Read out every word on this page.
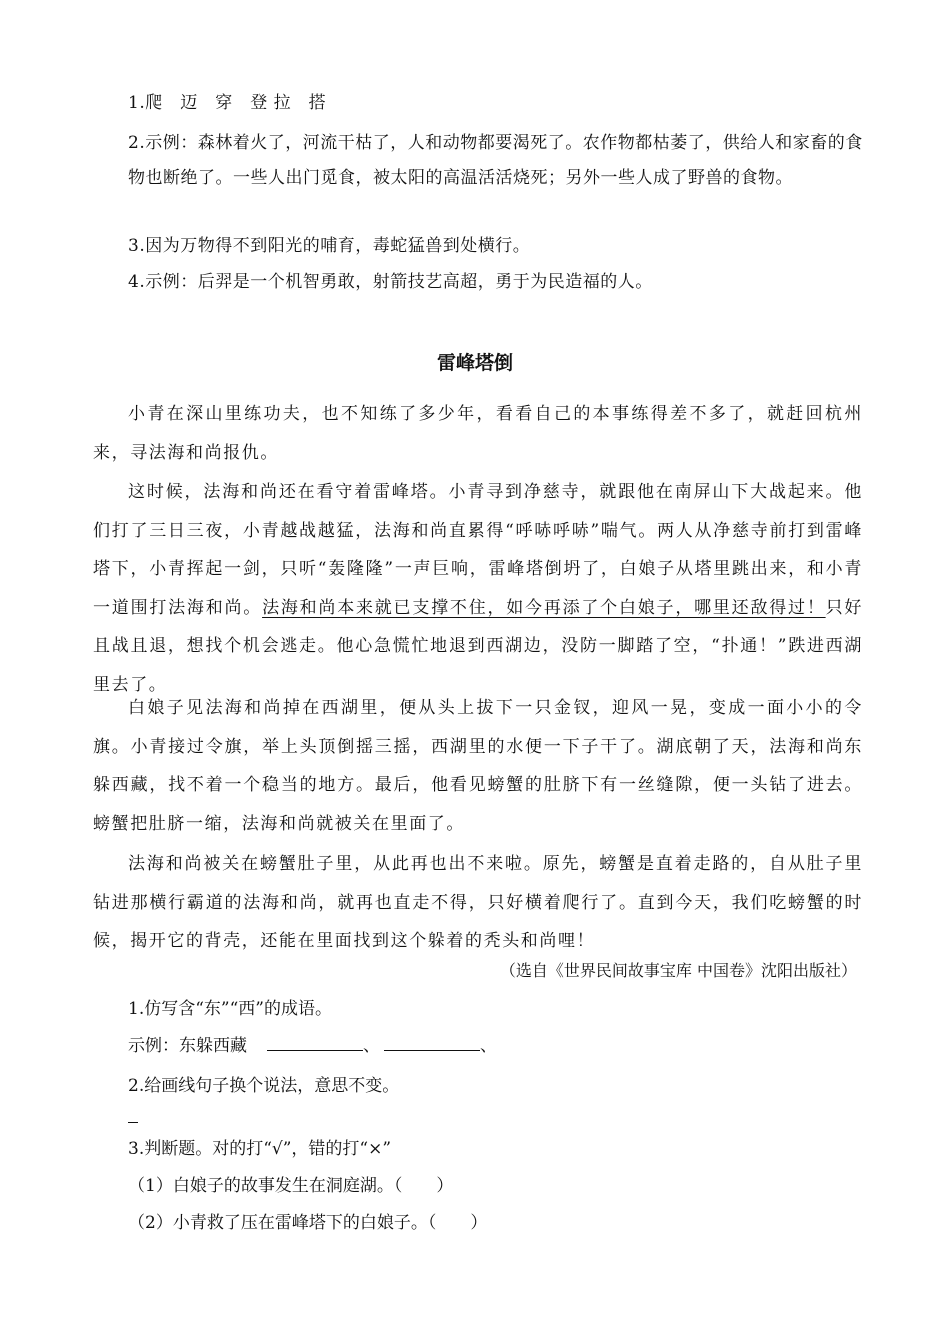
1.爬　迈　穿　登 拉　搭

2.示例：森林着火了，河流干枯了，人和动物都要渴死了。农作物都枯萎了，供给人和家畜的食物也断绝了。一些人出门觅食，被太阳的高温活活烧死；另外一些人成了野兽的食物。

3.因为万物得不到阳光的哺育，毒蛇猛兽到处横行。

4.示例：后羿是一个机智勇敢，射箭技艺高超，勇于为民造福的人。

雷峰塔倒

小青在深山里练功夫，也不知练了多少年，看看自己的本事练得差不多了，就赶回杭州来，寻法海和尚报仇。

这时候，法海和尚还在看守着雷峰塔。小青寻到净慈寺，就跟他在南屏山下大战起来。他们打了三日三夜，小青越战越猛，法海和尚直累得“呼哧呼哧”喘气。两人从净慈寺前打到雷峰塔下，小青挥起一剑，只听“轰隆隆”一声巨响，雷峰塔倒坍了，白娘子从塔里跳出来，和小青一道围打法海和尚。法海和尚本来就已支撑不住，如今再添了个白娘子，哪里还敌得过！只好且战且退，想找个机会逃走。他心急慌忙地退到西湖边，没防一脚踏了空，“扑通！”跌进西湖里去了。

白娘子见法海和尚掉在西湖里，便从头上拔下一只金钗，迎风一晃，变成一面小小的令旗。小青接过令旗，举上头顶倒摇三摇，西湖里的水便一下子干了。湖底朝了天，法海和尚东躲西藏，找不着一个稳当的地方。最后，他看见螃蟹的肚脐下有一丝缝隙，便一头钻了进去。螃蟹把肚脐一缩，法海和尚就被关在里面了。

法海和尚被关在螃蟹肚子里，从此再也出不来啦。原先，螃蟹是直着走路的，自从肚子里钻进那横行霸道的法海和尚，就再也直走不得，只好横着爬行了。直到今天，我们吃螃蟹的时候，揭开它的背壳，还能在里面找到这个躲着的秃头和尚哩！

（选自《世界民间故事宝库 中国卷》沈阳出版社）

1.仿写含“东”“西”的成语。

示例：东躲西藏	、	、

2.给画线句子换个说法，意思不变。

3.判断题。对的打“√”，错的打“×”

（1）白娘子的故事发生在洞庭湖。（　　）

（2）小青救了压在雷峰塔下的白娘子。（　　）
